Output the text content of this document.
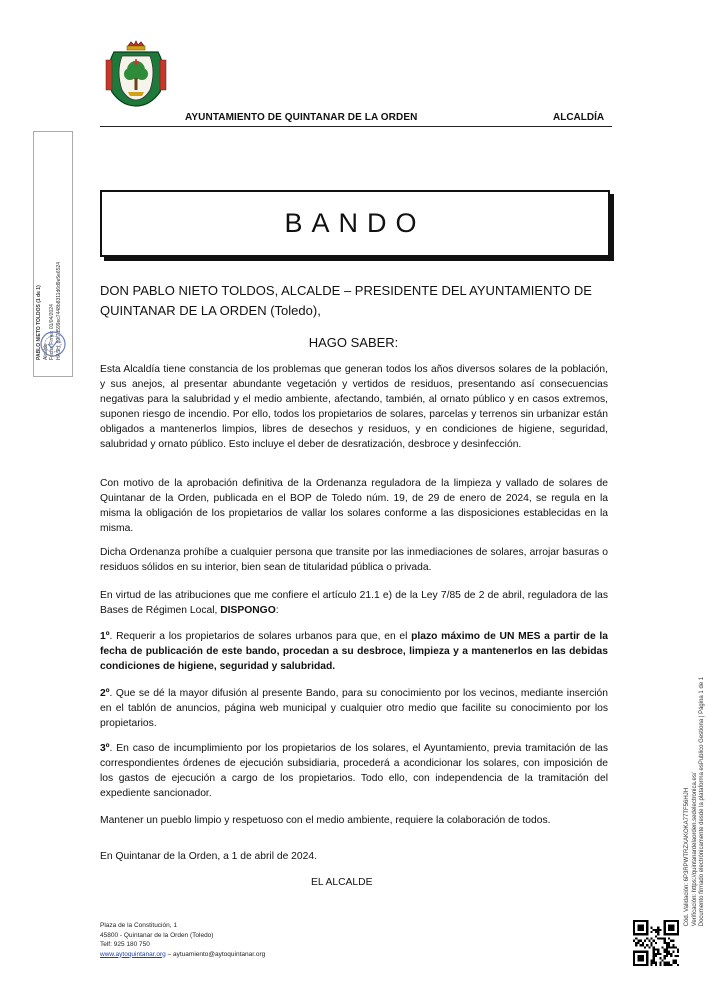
AYUNTAMIENTO DE QUINTANAR DE LA ORDEN	ALCALDÍA
BANDO
DON PABLO NIETO TOLDOS, ALCALDE – PRESIDENTE DEL AYUNTAMIENTO DE QUINTANAR DE LA ORDEN (Toledo),
HAGO SABER:
Esta Alcaldía tiene constancia de los problemas que generan todos los años diversos solares de la población, y sus anejos, al presentar abundante vegetación y vertidos de residuos, presentando así consecuencias negativas para la salubridad y el medio ambiente, afectando, también, al ornato público y en casos extremos, suponen riesgo de incendio. Por ello, todos los propietarios de solares, parcelas y terrenos sin urbanizar están obligados a mantenerlos limpios, libres de desechos y residuos, y en condiciones de higiene, seguridad, salubridad y ornato público. Esto incluye el deber de desratización, desbroce y desinfección.
Con motivo de la aprobación definitiva de la Ordenanza reguladora de la limpieza y vallado de solares de Quintanar de la Orden, publicada en el BOP de Toledo núm. 19, de 29 de enero de 2024, se regula en la misma la obligación de los propietarios de vallar los solares conforme a las disposiciones establecidas en la misma.
Dicha Ordenanza prohíbe a cualquier persona que transite por las inmediaciones de solares, arrojar basuras o residuos sólidos en su interior, bien sean de titularidad pública o privada.
En virtud de las atribuciones que me confiere el artículo 21.1 e) de la Ley 7/85 de 2 de abril, reguladora de las Bases de Régimen Local, DISPONGO:
1º. Requerir a los propietarios de solares urbanos para que, en el plazo máximo de UN MES a partir de la fecha de publicación de este bando, procedan a su desbroce, limpieza y a mantenerlos en las debidas condiciones de higiene, seguridad y salubridad.
2º. Que se dé la mayor difusión al presente Bando, para su conocimiento por los vecinos, mediante inserción en el tablón de anuncios, página web municipal y cualquier otro medio que facilite su conocimiento por los propietarios.
3º. En caso de incumplimiento por los propietarios de los solares, el Ayuntamiento, previa tramitación de las correspondientes órdenes de ejecución subsidiaria, procederá a acondicionar los solares, con imposición de los gastos de ejecución a cargo de los propietarios. Todo ello, con independencia de la tramitación del expediente sancionador.
Mantener un pueblo limpio y respetuoso con el medio ambiente, requiere la colaboración de todos.
En Quintanar de la Orden, a 1 de abril de 2024.
EL ALCALDE
Plaza de la Constitución, 1
45800 - Quintanar de la Orden (Toledo)
Telf: 925 180 750
www.aytoquintanar.org – aytuamiento@aytoquintanar.org
PABLO NIETO TOLDOS (1 de 1) Alcalde Fecha Firma: 01/04/2024 HASH: 82f7d599ec7448b8311d6d9e5e6524
Cód. Validación: 6P3RPWTRZXAKOKA77TF56HJH Verificación: https://quintanardelaorden.sedelectronica.es/ Documento firmado electrónicamente desde la plataforma esPublico Gestiona | Página 1 de 1
